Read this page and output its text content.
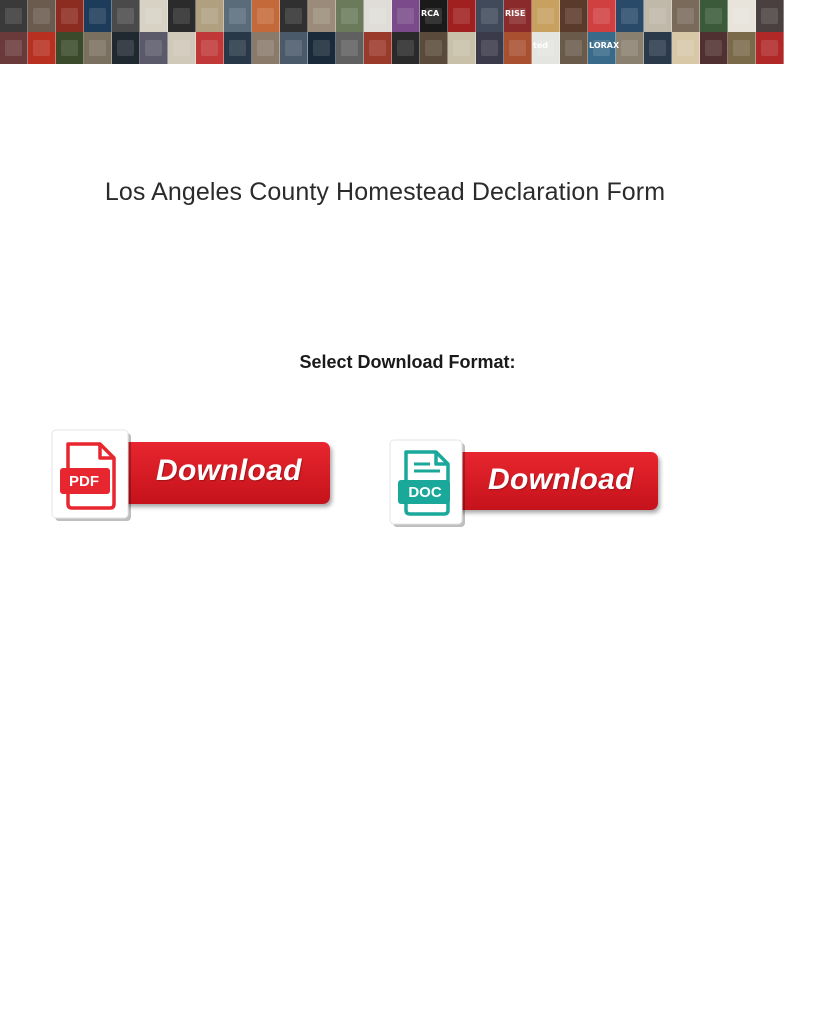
RCA	RISE
ted	LORAX
Los Angeles County Homestead Declaration Form
Select Download Format:
Download
PDF	Download
DOC
